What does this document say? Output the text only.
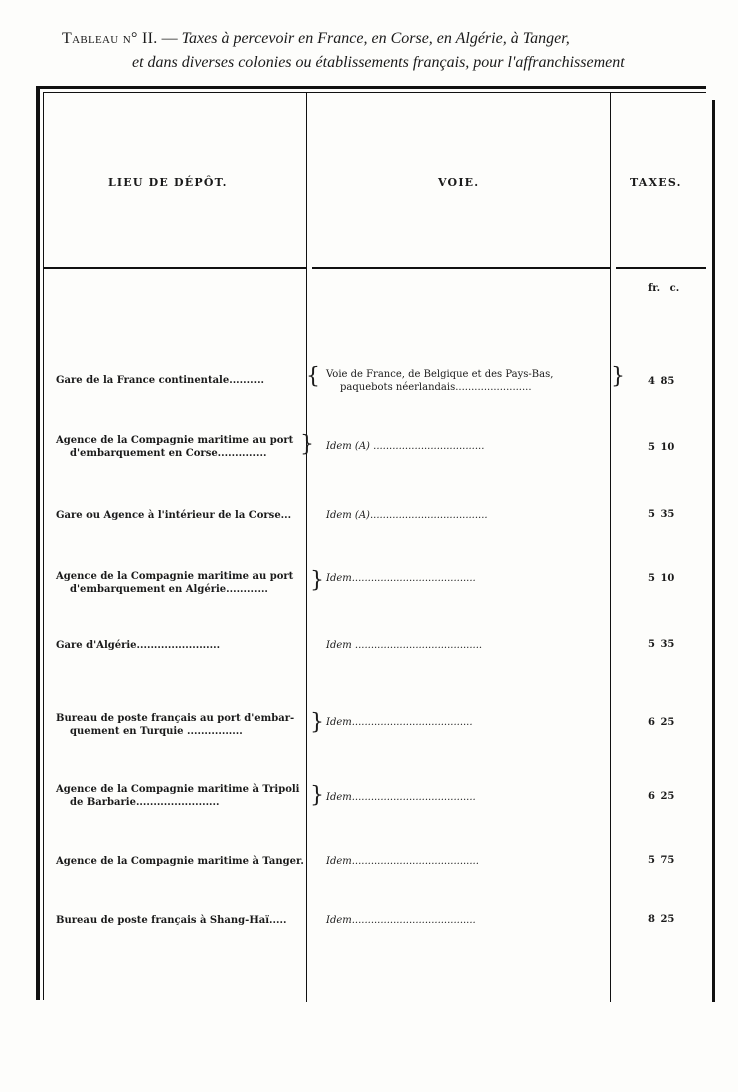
Tableau n° II. — Taxes à percevoir en France, en Corse, en Algérie, à Tanger,
et dans diverses colonies ou établissements français, pour l'affranchissement
LIEU DE DÉPÔT.	VOIE.	TAXES.
fr. c.
Gare de la France continentale..........	{ Voie de France, de Belgique et des Pays-Bas,
paquebots néerlandais........................	} 4 85
Agence de la Compagnie maritime au port
d'embarquement en Corse..............	} Idem (A) ...................................	5 10
Gare ou Agence à l'intérieur de la Corse...	Idem (A).....................................	5 35
Agence de la Compagnie maritime au port
d'embarquement en Algérie............	} Idem.......................................	5 10
Gare d'Algérie........................	Idem ........................................	5 35
Bureau de poste français au port d'embar-
quement en Turquie ................	} Idem......................................	6 25
Agence de la Compagnie maritime à Tripoli
de Barbarie........................	} Idem.......................................	6 25
Agence de la Compagnie maritime à Tanger. Idem........................................	5 75
Bureau de poste français à Shang-Haï.....	Idem.......................................	8 25
